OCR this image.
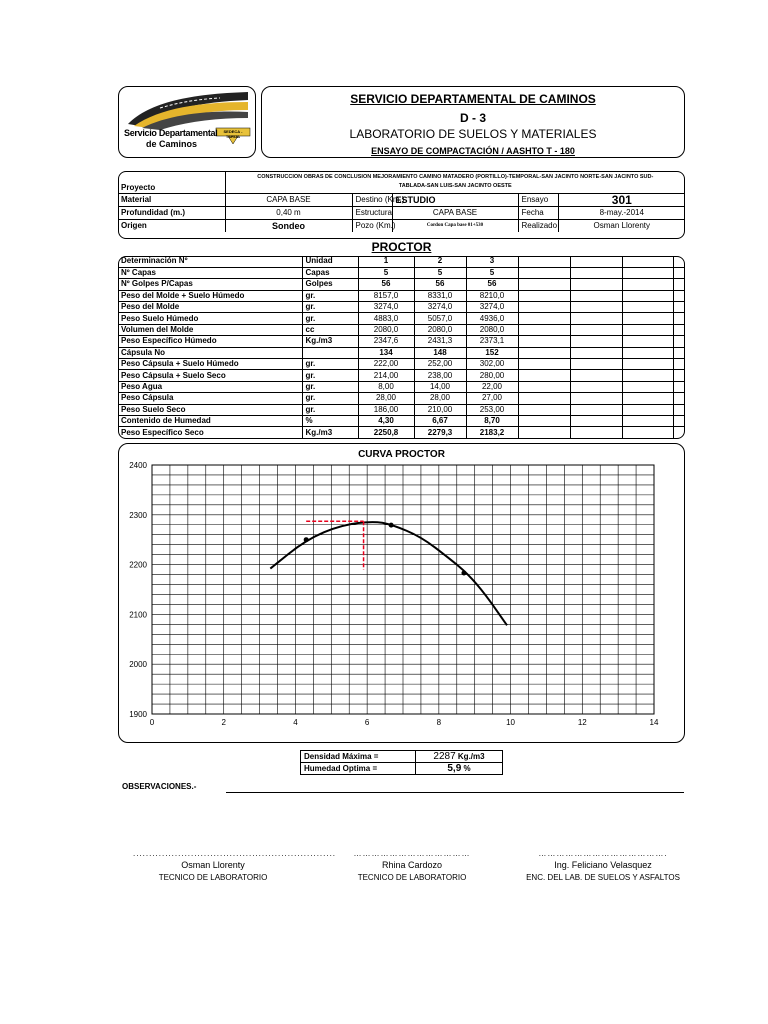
SEDECA - TARIJA
Servicio Departamental
de Caminos
SERVICIO DEPARTAMENTAL DE CAMINOS
D - 3
LABORATORIO DE SUELOS Y MATERIALES
ENSAYO DE COMPACTACIÓN / AASHTO T - 180
Proyecto	CONSTRUCCION OBRAS DE CONCLUSION MEJORAMIENTO CAMINO MATADERO (PORTILLO)-TEMPORAL-SAN JACINTO NORTE-SAN JACINTO SUD-
TABLADA-SAN LUIS-SAN JACINTO OESTE				
Material	CAPA BASE	Destino (Km.)	ESTUDIO	Ensayo	301
Profundidad (m.)	0,40 m	Estructura	CAPA BASE	Fecha	8-may.-2014
Origen	Sondeo	Pozo (Km.)	Cordon Capa base 01+530	Realizado	Osman Llorenty
PROCTOR
Determinación Nº	Unidad	1	2	3				
Nº Capas	Capas	5	5	5				
Nº Golpes P/Capas	Golpes	56	56	56				
Peso del Molde + Suelo Húmedo	gr.	8157,0	8331,0	8210,0				
Peso del Molde	gr.	3274,0	3274,0	3274,0				
Peso Suelo Húmedo	gr.	4883,0	5057,0	4936,0				
Volumen del Molde	cc	2080,0	2080,0	2080,0				
Peso Específico Húmedo	Kg./m3	2347,6	2431,3	2373,1				
Cápsula No		134	148	152				
Peso Cápsula + Suelo Húmedo	gr.	222,00	252,00	302,00				
Peso Cápsula + Suelo Seco	gr.	214,00	238,00	280,00				
Peso Agua	gr.	8,00	14,00	22,00				
Peso Cápsula	gr.	28,00	28,00	27,00				
Peso Suelo Seco	gr.	186,00	210,00	253,00				
Contenido de Humedad	%	4,30	6,67	8,70				
Peso Específico Seco	Kg./m3	2250,8	2279,3	2183,2				
CURVA PROCTOR
0	2	4	6	8	10	12	14
2400
2300
2200
2100
2000
1900
Densidad Máxima =	2287 Kg./m3
Humedad Optima =	5,9 %
OBSERVACIONES.-
...............................................................
Osman Llorenty
TECNICO DE LABORATORIO
…………………………………
Rhina Cardozo
TECNICO DE LABORATORIO
…………………………………….
Ing. Feliciano Velasquez
ENC. DEL LAB. DE SUELOS Y ASFALTOS
